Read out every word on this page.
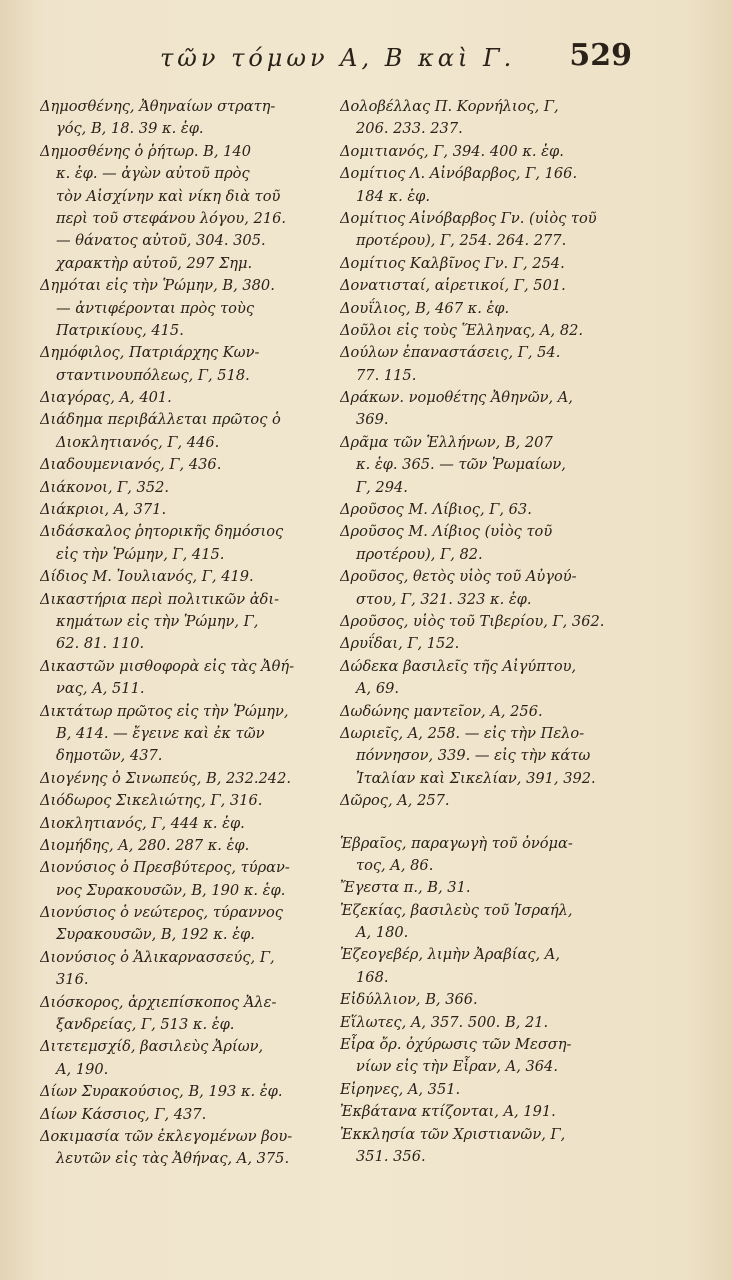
τῶν τόμων Α, Β καὶ Γ. 529
Δημοσθένης, Ἀθηναίων στρατη-
γός, Β, 18. 39 κ. ἑφ.
Δημοσθένης ὁ ῥήτωρ. Β, 140
κ. ἑφ. — ἀγὼν αὐτοῦ πρὸς
τὸν Αἰσχίνην καὶ νίκη διὰ τοῦ
περὶ τοῦ στεφάνου λόγου, 216.
— θάνατος αὐτοῦ, 304. 305.
χαρακτὴρ αὐτοῦ, 297 Σημ.
Δημόται εἰς τὴν Ῥώμην, Β, 380.
— ἀντιφέρονται πρὸς τοὺς
Πατρικίους, 415.
Δημόφιλος, Πατριάρχης Κων-
σταντινουπόλεως, Γ, 518.
Διαγόρας, Α, 401.
Διάδημα περιβάλλεται πρῶτος ὁ
Διοκλητιανός, Γ, 446.
Διαδουμενιανός, Γ, 436.
Διάκονοι, Γ, 352.
Διάκριοι, Α, 371.
Διδάσκαλος ῥητορικῆς δημόσιος
εἰς τὴν Ῥώμην, Γ, 415.
Δίδιος Μ. Ἰουλιανός, Γ, 419.
Δικαστήρια περὶ πολιτικῶν ἀδι-
κημάτων εἰς τὴν Ῥώμην, Γ,
62. 81. 110.
Δικαστῶν μισθοφορὰ εἰς τὰς Ἀθή-
νας, Α, 511.
Δικτάτωρ πρῶτος εἰς τὴν Ῥώμην,
Β, 414. — ἔγεινε καὶ ἐκ τῶν
δημοτῶν, 437.
Διογένης ὁ Σινωπεύς, Β, 232.242.
Διόδωρος Σικελιώτης, Γ, 316.
Διοκλητιανός, Γ, 444 κ. ἑφ.
Διομήδης, Α, 280. 287 κ. ἑφ.
Διονύσιος ὁ Πρεσβύτερος, τύραν-
νος Συρακουσῶν, Β, 190 κ. ἑφ.
Διονύσιος ὁ νεώτερος, τύραννος
Συρακουσῶν, Β, 192 κ. ἑφ.
Διονύσιος ὁ Ἁλικαρνασσεύς, Γ,
316.
Διόσκορος, ἀρχιεπίσκοπος Ἀλε-
ξανδρείας, Γ, 513 κ. ἑφ.
Διτετεμσχίδ, βασιλεὺς Ἀρίων,
Α, 190.
Δίων Συρακούσιος, Β, 193 κ. ἑφ.
Δίων Κάσσιος, Γ, 437.
Δοκιμασία τῶν ἐκλεγομένων βου-
λευτῶν εἰς τὰς Ἀθήνας, Α, 375.
Δολοβέλλας Π. Κορνήλιος, Γ,
206. 233. 237.
Δομιτιανός, Γ, 394. 400 κ. ἑφ.
Δομίτιος Λ. Αἰνόβαρβος, Γ, 166.
184 κ. ἑφ.
Δομίτιος Αἰνόβαρβος Γν. (υἱὸς τοῦ
προτέρου), Γ, 254. 264. 277.
Δομίτιος Καλβῖνος Γν. Γ, 254.
Δονατισταί, αἱρετικοί, Γ, 501.
Δουΐλιος, Β, 467 κ. ἑφ.
Δοῦλοι εἰς τοὺς Ἕλληνας, Α, 82.
Δούλων ἐπαναστάσεις, Γ, 54.
77. 115.
Δράκων. νομοθέτης Ἀθηνῶν, Α,
369.
Δρᾶμα τῶν Ἑλλήνων, Β, 207
κ. ἑφ. 365. — τῶν Ῥωμαίων,
Γ, 294.
Δροῦσος Μ. Λίβιος, Γ, 63.
Δροῦσος Μ. Λίβιος (υἱὸς τοῦ
προτέρου), Γ, 82.
Δροῦσος, θετὸς υἱὸς τοῦ Αὐγού-
στου, Γ, 321. 323 κ. ἑφ.
Δροῦσος, υἱὸς τοῦ Τιβερίου, Γ, 362.
Δρυΐδαι, Γ, 152.
Δώδεκα βασιλεῖς τῆς Αἰγύπτου,
Α, 69.
Δωδώνης μαντεῖον, Α, 256.
Δωριεῖς, Α, 258. — εἰς τὴν Πελο-
πόννησον, 339. — εἰς τὴν κάτω
Ἰταλίαν καὶ Σικελίαν, 391, 392.
Δῶρος, Α, 257.
Ἑβραῖος, παραγωγὴ τοῦ ὀνόμα-
τος, Α, 86.
Ἔγεστα π., Β, 31.
Ἐζεκίας, βασιλεὺς τοῦ Ἰσραήλ,
Α, 180.
Ἐζεογεβέρ, λιμὴν Ἀραβίας, Α,
168.
Εἰδύλλιον, Β, 366.
Εἵλωτες, Α, 357. 500. Β, 21.
Εἶρα ὄρ. ὀχύρωσις τῶν Μεσση-
νίων εἰς τὴν Εἶραν, Α, 364.
Εἰρηνες, Α, 351.
Ἐκβάτανα κτίζονται, Α, 191.
Ἐκκλησία τῶν Χριστιανῶν, Γ,
351. 356.
